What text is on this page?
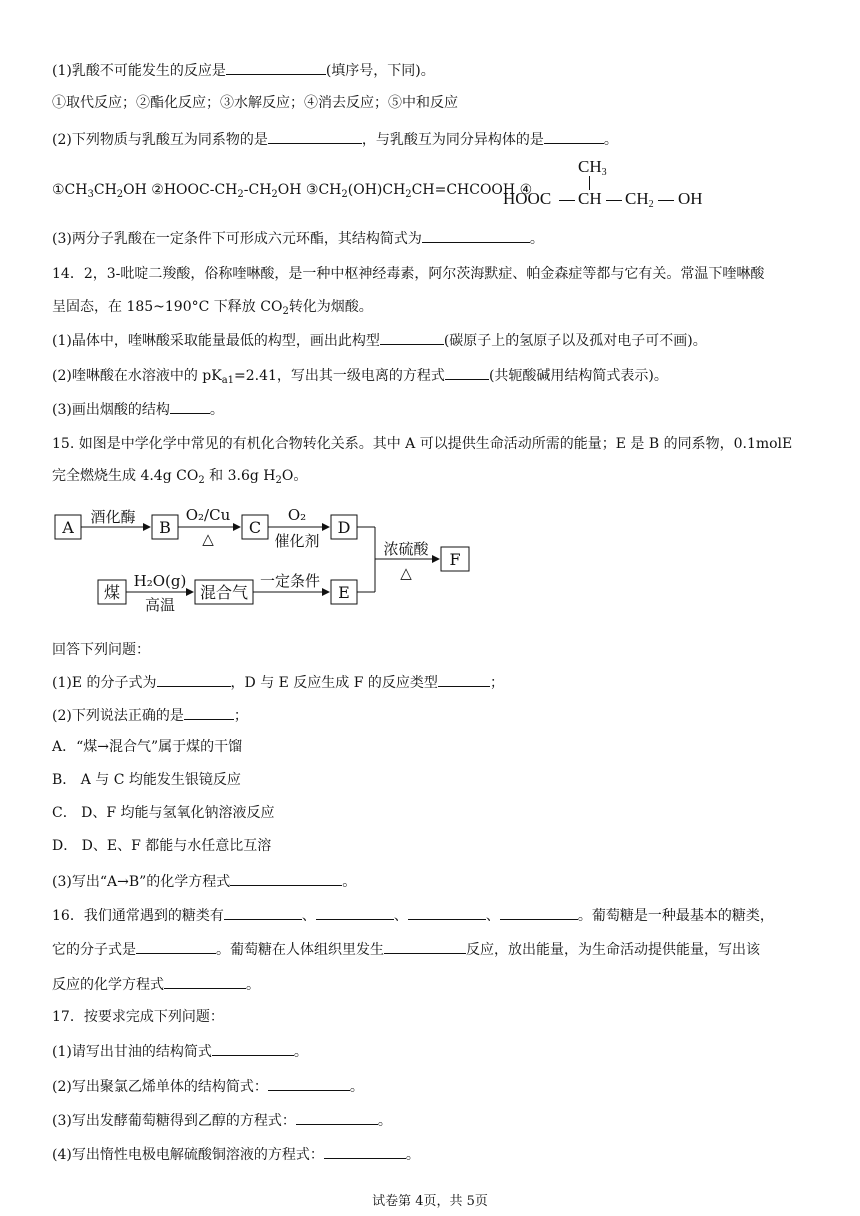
(1)乳酸不可能发生的反应是	(填序号，下同)。
①取代反应；②酯化反应；③水解反应；④消去反应；⑤中和反应
(2)下列物质与乳酸互为同系物的是	，与乳酸互为同分异构体的是	。
$①CH_3CH_2OH$ ②HOOC-$CH_2-CH_2OH$ $③CH_2(OH)CH_2CH=CHCOOH$ ④
$CH_3$
HOOC CH $CH_2$ OH
(3)两分子乳酸在一定条件下可形成六元环酯，其结构简式为	。
14．2，3-吡啶二羧酸，俗称喹啉酸，是一种中枢神经毒素，阿尔茨海默症、帕金森症等都与它有关。常温下喹啉酸
呈固态，在 185~190°C 下释放 $CO_2$转化为烟酸。
(1)晶体中，喹啉酸采取能量最低的构型，画出此构型	(碳原子上的氢原子以及孤对电子可不画)。
(2)喹啉酸在水溶液中的 $pK_{a1}=2.41$，写出其一级电离的方程式	(共轭酸碱用结构简式表示)。
(3)画出烟酸的结构	。
15. 如图是中学化学中常见的有机化合物转化关系。其中 A 可以提供生命活动所需的能量；E 是 B 的同系物，0.1molE
完全燃烧生成 4.4g $CO_2$ 和 3.6g $H_2O$。
A	B	C	D
F
煤	混合气	E
酒化酶	O₂/Cu
△
O₂
催化剂
H₂O(g)
高温
一定条件
浓硫酸
△
回答下列问题：
(1)E 的分子式为	，D 与 E 反应生成 F 的反应类型	；
(2)下列说法正确的是	；
A．“煤→混合气”属于煤的干馏
B． A 与 C 均能发生银镜反应
C． D、F 均能与氢氧化钠溶液反应
D． D、E、F 都能与水任意比互溶
(3)写出“A→B”的化学方程式	。
16．我们通常遇到的糖类有	、	、	、	。葡萄糖是一种最基本的糖类，
它的分子式是	。葡萄糖在人体组织里发生	反应，放出能量，为生命活动提供能量，写出该
反应的化学方程式	。
17．按要求完成下列问题：
(1)请写出甘油的结构简式	。
(2)写出聚氯乙烯单体的结构简式：	。
(3)写出发酵葡萄糖得到乙醇的方程式：	。
(4)写出惰性电极电解硫酸铜溶液的方程式：	。
试卷第 4页，共 5页
